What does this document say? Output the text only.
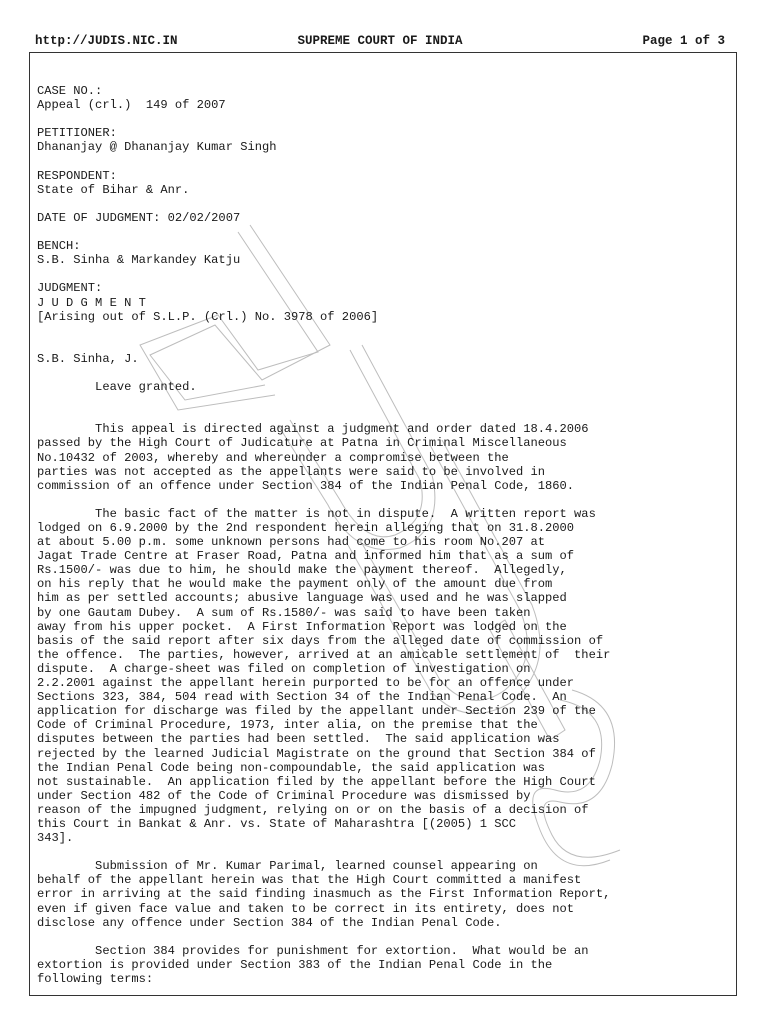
http://JUDIS.NIC.IN	SUPREME COURT OF INDIA	Page 1 of 3

CASE NO.:
Appeal (crl.)  149 of 2007
PETITIONER:
Dhananjay @ Dhananjay Kumar Singh
RESPONDENT:
State of Bihar & Anr.
DATE OF JUDGMENT: 02/02/2007
BENCH:
S.B. Sinha & Markandey Katju
JUDGMENT:
J U D G M E N T
[Arising out of S.L.P. (Crl.) No. 3978 of 2006]
S.B. Sinha, J.
Leave granted.
This appeal is directed against a judgment and order dated 18.4.2006
passed by the High Court of Judicature at Patna in Criminal Miscellaneous
No.10432 of 2003, whereby and whereunder a compromise between the
parties was not accepted as the appellants were said to be involved in
commission of an offence under Section 384 of the Indian Penal Code, 1860.
The basic fact of the matter is not in dispute.  A written report was
lodged on 6.9.2000 by the 2nd respondent herein alleging that on 31.8.2000
at about 5.00 p.m. some unknown persons had come to his room No.207 at
Jagat Trade Centre at Fraser Road, Patna and informed him that as a sum of
Rs.1500/- was due to him, he should make the payment thereof.  Allegedly,
on his reply that he would make the payment only of the amount due from
him as per settled accounts; abusive language was used and he was slapped
by one Gautam Dubey.  A sum of Rs.1580/- was said to have been taken
away from his upper pocket.  A First Information Report was lodged on the
basis of the said report after six days from the alleged date of commission of
the offence.  The parties, however, arrived at an amicable settlement of  their
dispute.  A charge-sheet was filed on completion of investigation on
2.2.2001 against the appellant herein purported to be for an offence under
Sections 323, 384, 504 read with Section 34 of the Indian Penal Code.  An
application for discharge was filed by the appellant under Section 239 of the
Code of Criminal Procedure, 1973, inter alia, on the premise that the
disputes between the parties had been settled.  The said application was
rejected by the learned Judicial Magistrate on the ground that Section 384 of
the Indian Penal Code being non-compoundable, the said application was
not sustainable.  An application filed by the appellant before the High Court
under Section 482 of the Code of Criminal Procedure was dismissed by
reason of the impugned judgment, relying on or on the basis of a decision of
this Court in Bankat & Anr. vs. State of Maharashtra [(2005) 1 SCC
343].
Submission of Mr. Kumar Parimal, learned counsel appearing on
behalf of the appellant herein was that the High Court committed a manifest
error in arriving at the said finding inasmuch as the First Information Report,
even if given face value and taken to be correct in its entirety, does not
disclose any offence under Section 384 of the Indian Penal Code.
Section 384 provides for punishment for extortion.  What would be an
extortion is provided under Section 383 of the Indian Penal Code in the
following terms:
